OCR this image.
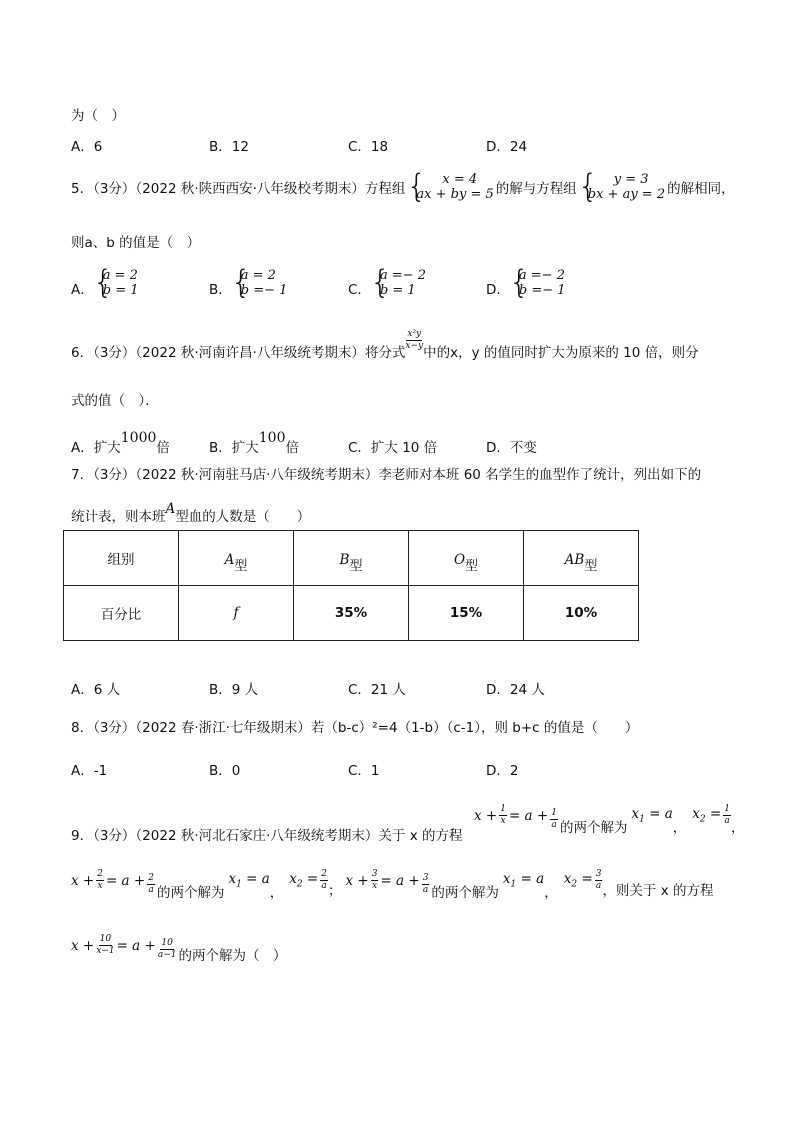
为（　）
A．6	B．12	C．18	D．24
5．（3分）（2022 秋·陕西西安·八年级校考期末）方程组
{ x = 4
ax + by = 5 的解与方程组
{ y = 3
bx + ay = 2 的解相同，
则a、b 的值是（　）
A．
{ a = 2
b = 1	B．
{ a = 2
b =− 1	C．
{ a =− 2
b = 1	D．
{ a =− 2
b =− 1
6．（3分）（2022 秋·河南许昌·八年级统考期末）将分式
$\frac{\text{x²y}}{x-y}$
中的x，y 的值同时扩大为原来的 10 倍，则分
式的值（　）．
A．扩大1000倍	B．扩大100倍	C．扩大 10 倍	D．不变
7．（3分）（2022 秋·河南驻马店·八年级统考期末）李老师对本班 60 名学生的血型作了统计，列出如下的
统计表，则本班A型血的人数是（　　）
组别	A型	B型	O型	AB型
百分比	f	35%	15%	10%
A．6 人	B．9 人	C．21 人	D．24 人
8．（3分）（2022 春·浙江·七年级期末）若（b-c）²=4（1-b）（c-1），则 b+c 的值是（　　）
A．-1	B．0	C．1	D．2
9．（3分）（2022 秋·河北石家庄·八年级统考期末）关于 x 的方程
$x + \frac{1}{x} = a + \frac{1}{a}$ 的两个解为
$x_1 = a$
，
$x_2 = \frac{1}{a}$
，
$x + \frac{2}{x} = a + \frac{2}{a}$ 的两个解为
$x_1 = a$
，
$x_2 = \frac{2}{a}$ ；
$x + \frac{3}{x} = a + \frac{3}{a}$ 的两个解为
$x_1 = a$
，
$x_2 = \frac{3}{a}$ ，则关于 x 的方程
$x + \frac{10}{x-1} = a + \frac{10}{a-1}$ 的两个解为（　）
